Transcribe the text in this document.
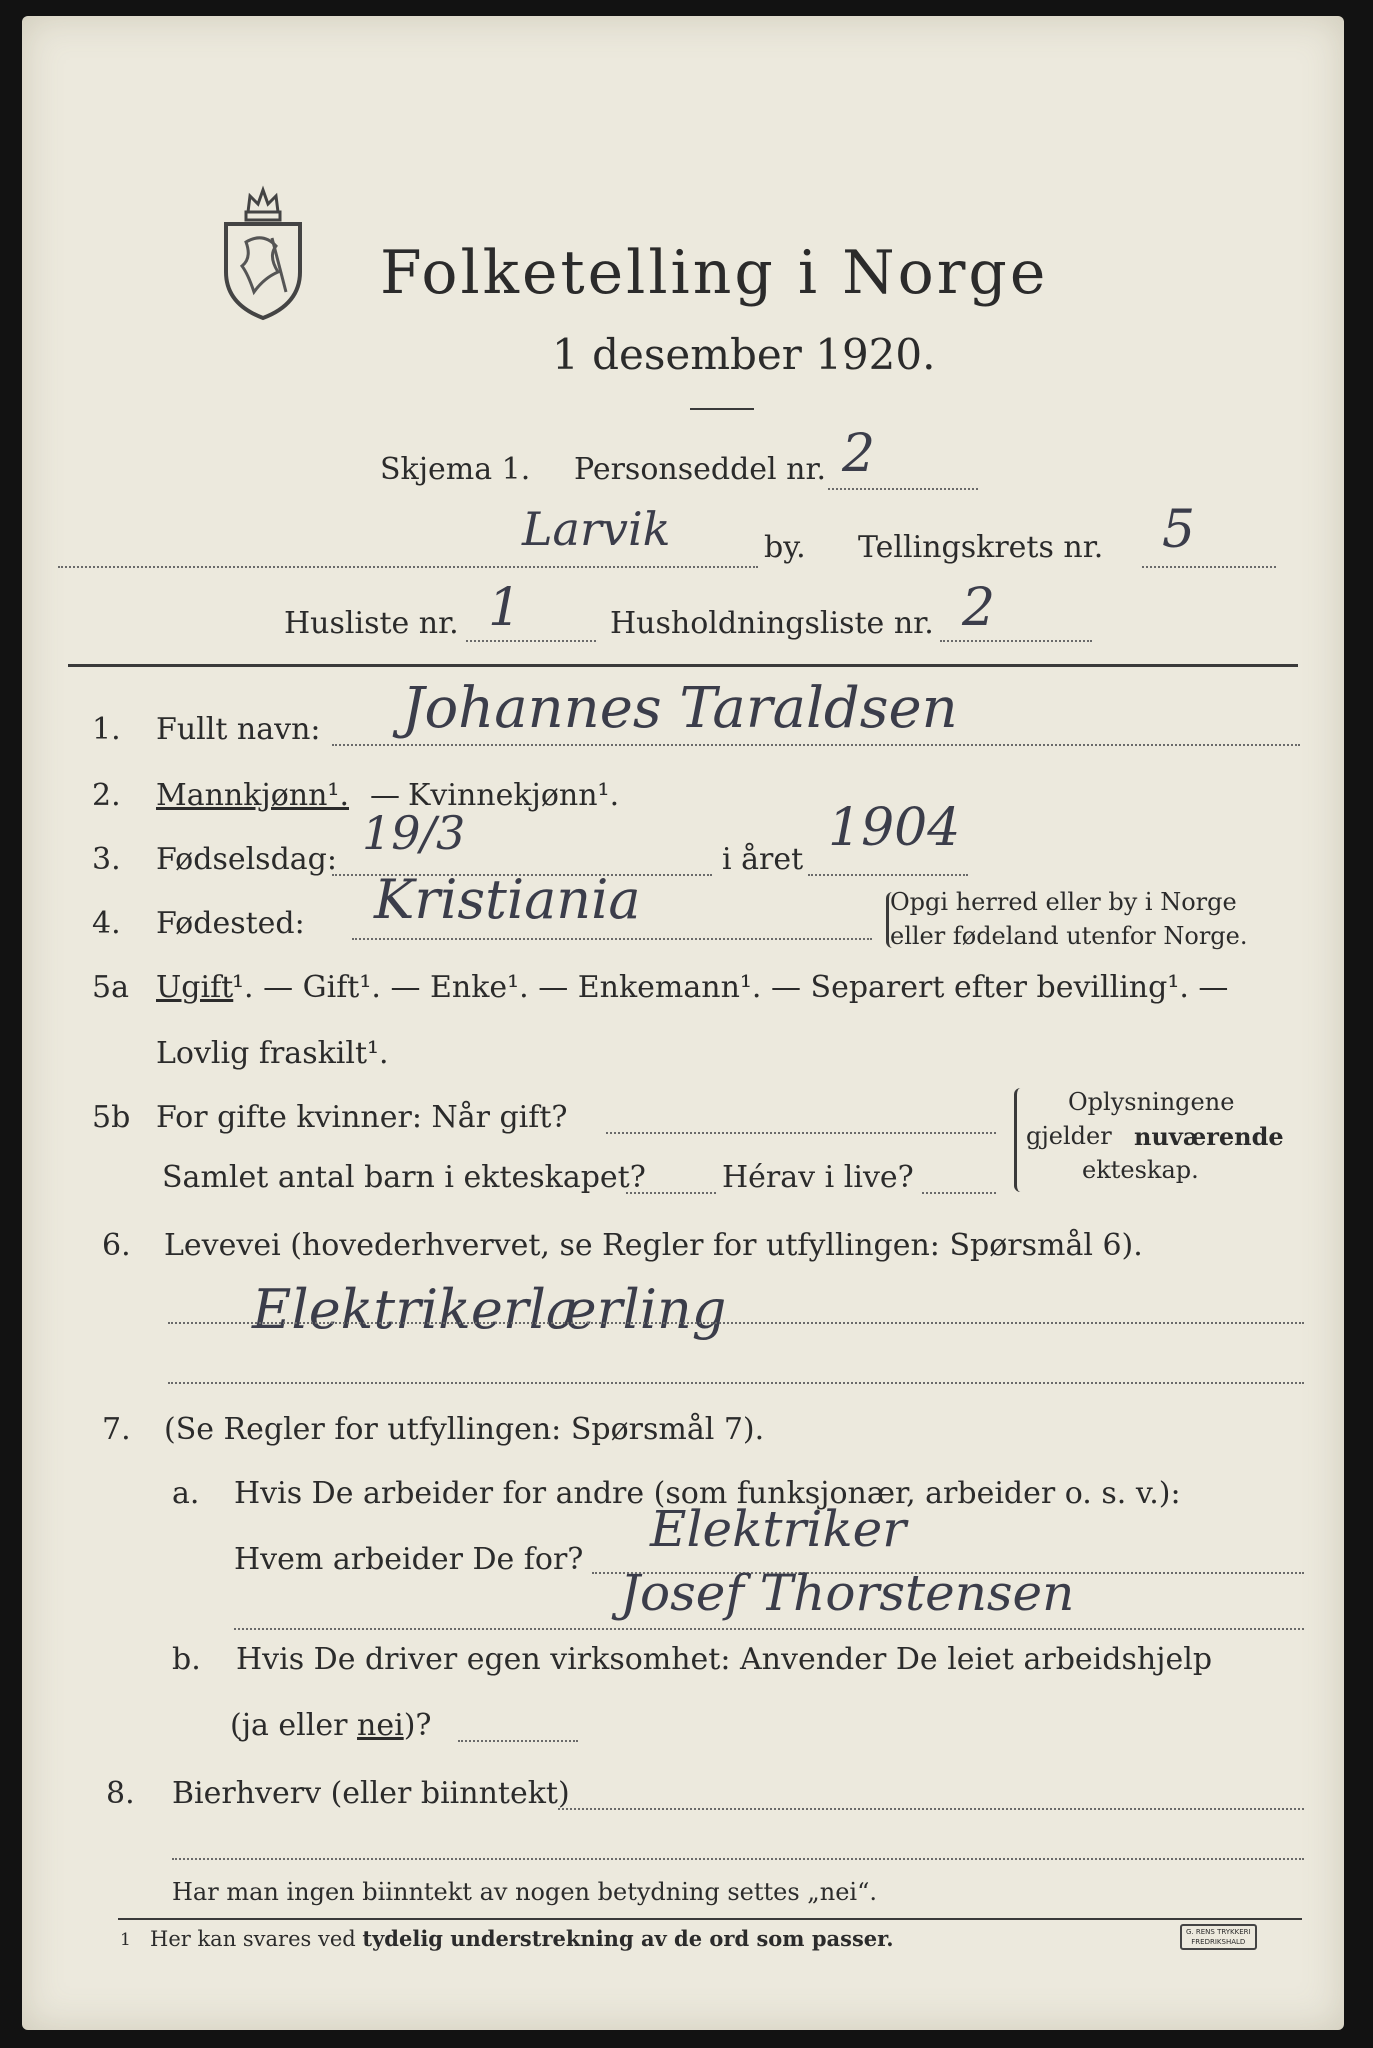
Folketelling i Norge
1 desember 1920.
Skjema 1. Personseddel nr. 2
Larvik	by. Tellingskrets nr. 5
Husliste nr. 1	Husholdningsliste nr. 2
1. Fullt navn: Johannes Taraldsen
2. Mannkjønn¹. — Kvinnekjønn¹.
3. Fødselsdag: 19/3	i året
1904
4. Fødested: Kristiania	Opgi herred eller by i Norge
eller fødeland utenfor Norge.
5a Ugift
¹. — Gift¹. — Enke¹. — Enkemann¹. — Separert efter bevilling¹. —
Lovlig fraskilt¹.
5b For gifte kvinner: Når gift?
Samlet antal barn i ekteskapet?	Hérav i live?
Oplysningene
gjelder nuværende
ekteskap.
6. Levevei (hovederhvervet, se Regler for utfyllingen: Spørsmål 6).
Elektrikerlærling
7. (Se Regler for utfyllingen: Spørsmål 7).
a. Hvis De arbeider for andre (som funksjonær, arbeider o. s. v.):
Hvem arbeider De for?
Elektriker
Josef Thorstensen
b. Hvis De driver egen virksomhet: Anvender De leiet arbeidshjelp
(ja eller nei)?
8. Bierhverv (eller biinntekt)
Har man ingen biinntekt av nogen betydning settes „nei“.
1 Her kan svares ved tydelig understrekning av de ord som passer.	G. RENS TRYKKERI
FREDRIKSHALD
